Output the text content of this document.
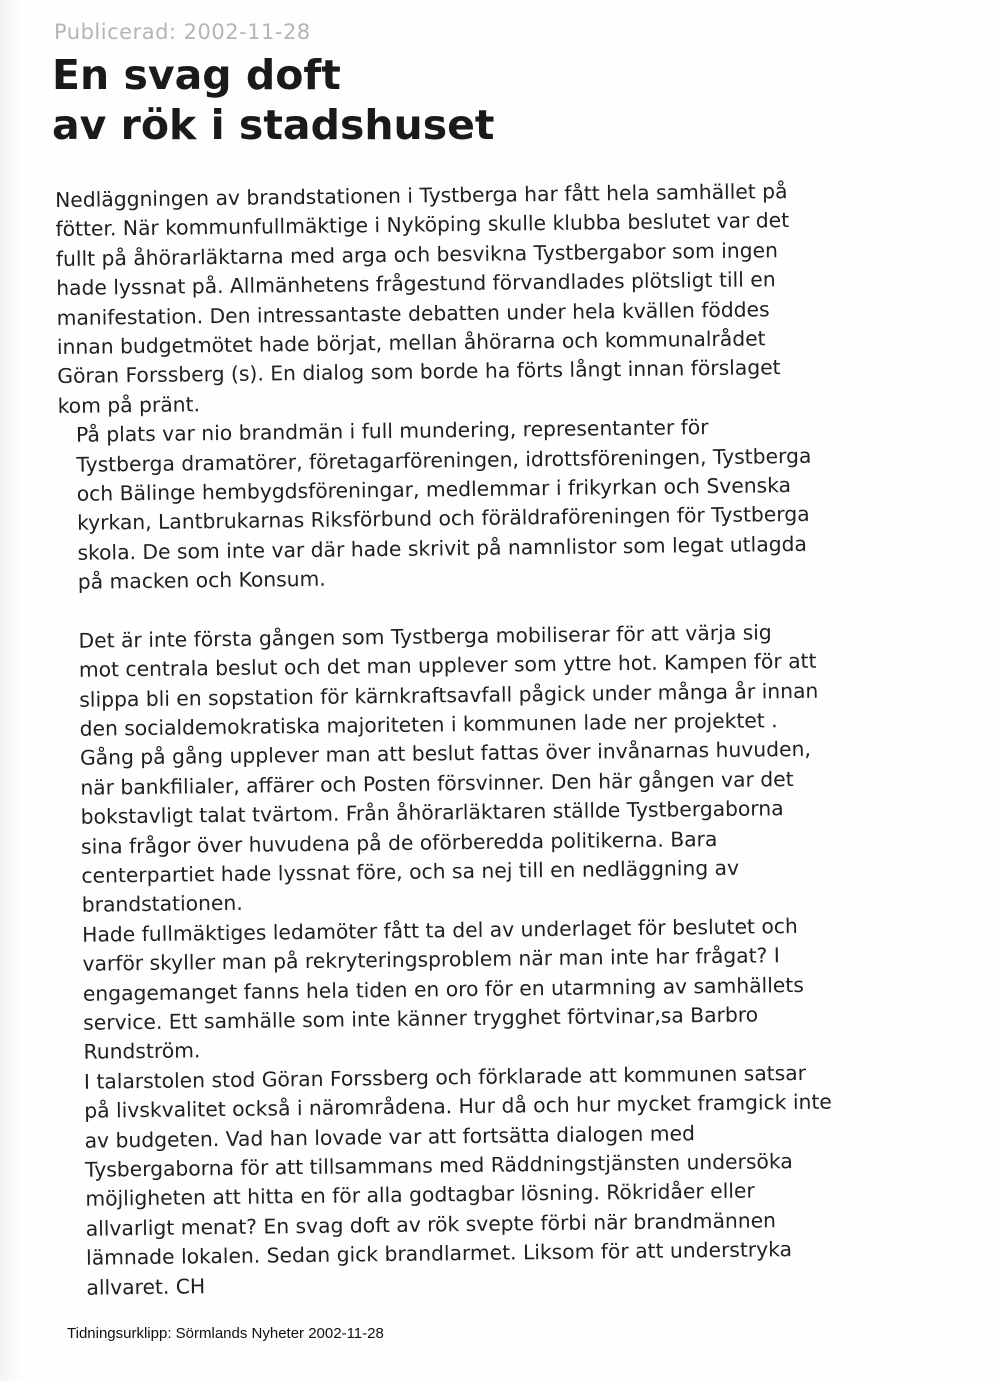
Publicerad: 2002-11-28

En svag doft
av rök i stadshuset

Nedläggningen av brandstationen i Tystberga har fått hela samhället på
fötter. När kommunfullmäktige i Nyköping skulle klubba beslutet var det
fullt på åhörarläktarna med arga och besvikna Tystbergabor som ingen
hade lyssnat på. Allmänhetens frågestund förvandlades plötsligt till en
manifestation. Den intressantaste debatten under hela kvällen föddes
innan budgetmötet hade börjat, mellan åhörarna och kommunalrådet
Göran Forssberg (s). En dialog som borde ha förts långt innan förslaget
kom på pränt.

På plats var nio brandmän i full mundering, representanter för
Tystberga dramatörer, företagarföreningen, idrottsföreningen, Tystberga
och Bälinge hembygdsföreningar, medlemmar i frikyrkan och Svenska
kyrkan, Lantbrukarnas Riksförbund och föräldraföreningen för Tystberga
skola. De som inte var där hade skrivit på namnlistor som legat utlagda
på macken och Konsum.

Det är inte första gången som Tystberga mobiliserar för att värja sig
mot centrala beslut och det man upplever som yttre hot. Kampen för att
slippa bli en sopstation för kärnkraftsavfall pågick under många år innan
den socialdemokratiska majoriteten i kommunen lade ner projektet .
Gång på gång upplever man att beslut fattas över invånarnas huvuden,
när bankfilialer, affärer och Posten försvinner. Den här gången var det
bokstavligt talat tvärtom. Från åhörarläktaren ställde Tystbergaborna
sina frågor över huvudena på de oförberedda politikerna. Bara
centerpartiet hade lyssnat före, och sa nej till en nedläggning av
brandstationen.

Hade fullmäktiges ledamöter fått ta del av underlaget för beslutet och
varför skyller man på rekryteringsproblem när man inte har frågat? I
engagemanget fanns hela tiden en oro för en utarmning av samhällets
service. Ett samhälle som inte känner trygghet förtvinar,sa Barbro
Rundström.

I talarstolen stod Göran Forssberg och förklarade att kommunen satsar
på livskvalitet också i närområdena. Hur då och hur mycket framgick inte
av budgeten. Vad han lovade var att fortsätta dialogen med
Tysbergaborna för att tillsammans med Räddningstjänsten undersöka
möjligheten att hitta en för alla godtagbar lösning. Rökridåer eller
allvarligt menat? En svag doft av rök svepte förbi när brandmännen
lämnade lokalen. Sedan gick brandlarmet. Liksom för att understryka
allvaret. CH

Tidningsurklipp: Sörmlands Nyheter 2002-11-28
